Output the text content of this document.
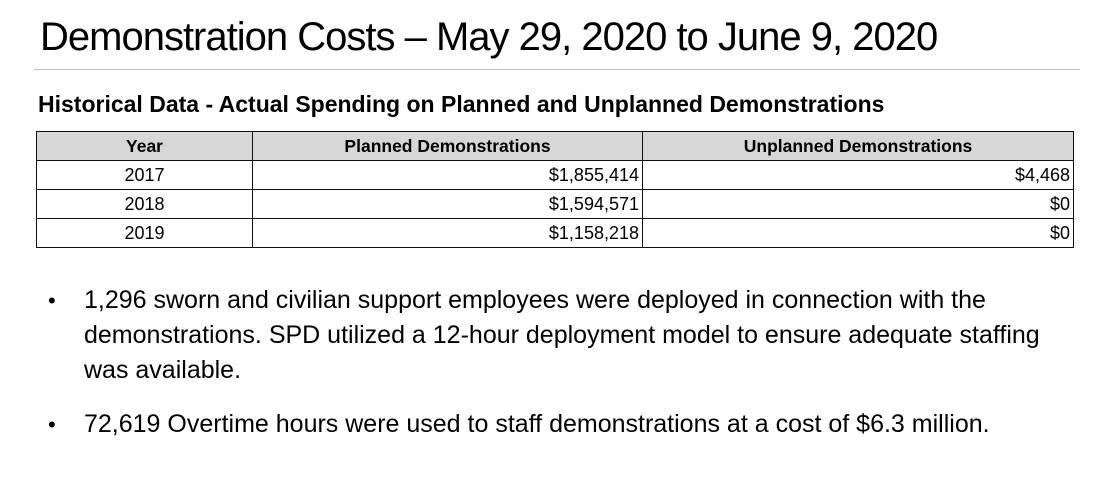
Demonstration Costs – May 29, 2020 to June 9, 2020
Historical Data - Actual Spending on Planned and Unplanned Demonstrations
Year	Planned Demonstrations	Unplanned Demonstrations
2017	$1,855,414	$4,468
2018	$1,594,571	$0
2019	$1,158,218	$0
• 1,296 sworn and civilian support employees were deployed in connection with the demonstrations. SPD utilized a 12-hour deployment model to ensure adequate staffing was available.
• 72,619 Overtime hours were used to staff demonstrations at a cost of $6.3 million.
